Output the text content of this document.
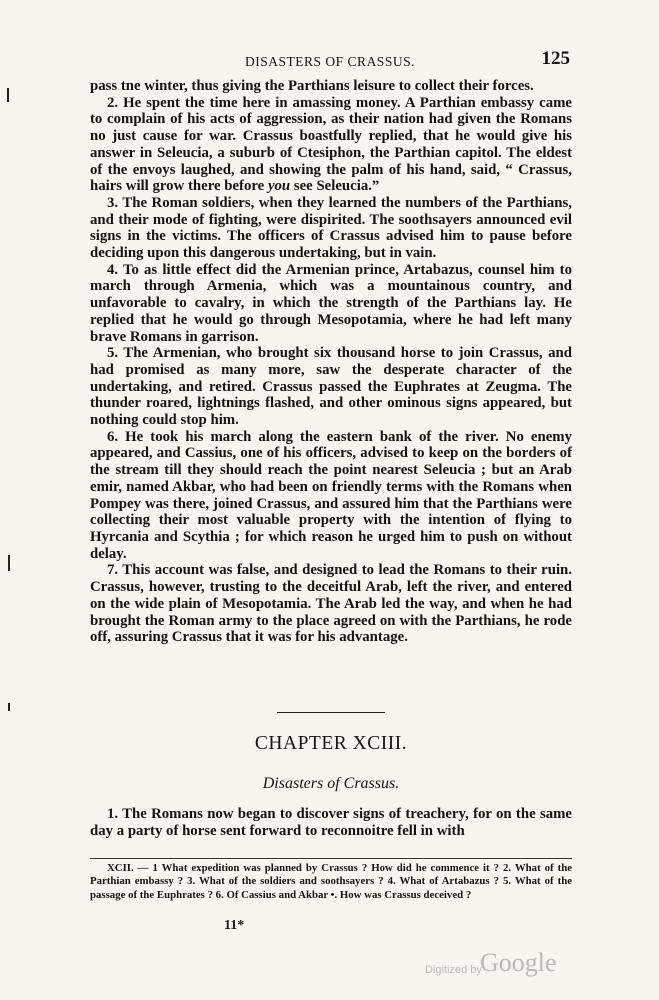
DISASTERS OF CRASSUS.	125

pass tne winter, thus giving the Parthians leisure to collect their forces.

2. He spent the time here in amassing money. A Parthian embassy came to complain of his acts of aggression, as their nation had given the Romans no just cause for war. Crassus boastfully replied, that he would give his answer in Seleucia, a suburb of Ctesiphon, the Parthian capitol. The eldest of the envoys laughed, and showing the palm of his hand, said, “ Crassus, hairs will grow there before you see Seleucia.”

3. The Roman soldiers, when they learned the numbers of the Parthians, and their mode of fighting, were dispirited. The soothsayers announced evil signs in the victims. The officers of Crassus advised him to pause before deciding upon this dangerous undertaking, but in vain.

4. To as little effect did the Armenian prince, Artabazus, counsel him to march through Armenia, which was a mountainous country, and unfavorable to cavalry, in which the strength of the Parthians lay. He replied that he would go through Mesopotamia, where he had left many brave Romans in garrison.

5. The Armenian, who brought six thousand horse to join Crassus, and had promised as many more, saw the desperate character of the undertaking, and retired. Crassus passed the Euphrates at Zeugma. The thunder roared, lightnings flashed, and other ominous signs appeared, but nothing could stop him.

6. He took his march along the eastern bank of the river. No enemy appeared, and Cassius, one of his officers, advised to keep on the borders of the stream till they should reach the point nearest Seleucia ; but an Arab emir, named Akbar, who had been on friendly terms with the Romans when Pompey was there, joined Crassus, and assured him that the Parthians were collecting their most valuable property with the intention of flying to Hyrcania and Scythia ; for which reason he urged him to push on without delay.

7. This account was false, and designed to lead the Romans to their ruin. Crassus, however, trusting to the deceitful Arab, left the river, and entered on the wide plain of Mesopotamia. The Arab led the way, and when he had brought the Roman army to the place agreed on with the Parthians, he rode off, assuring Crassus that it was for his advantage.

CHAPTER XCIII.
Disasters of Crassus.

1. The Romans now began to discover signs of treachery, for on the same day a party of horse sent forward to reconnoitre fell in with

XCII. — 1 What expedition was planned by Crassus ? How did he commence it ? 2. What of the Parthian embassy ? 3. What of the soldiers and soothsayers ? 4. What of Artabazus ? 5. What of the passage of the Euphrates ? 6. Of Cassius and Akbar •. How was Crassus deceived ?

11*
Digitized by
Google
